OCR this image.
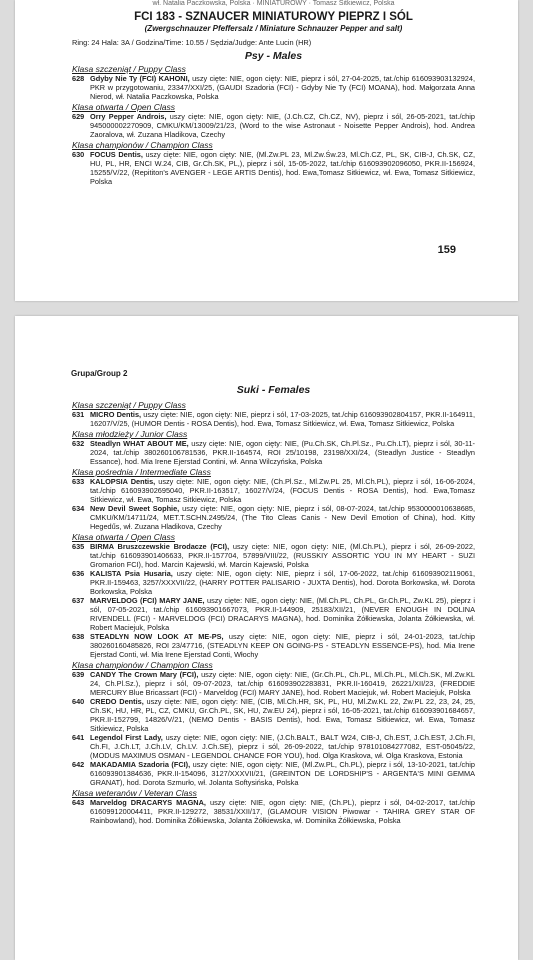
wł. Natalia Paczkowska, Polska · MINIATUROWY · Tomasz Sitkiewicz, Polska
FCI 183 - SZNAUCER MINIATUROWY PIEPRZ I SÓL
(Zwergschnauzer Pfeffersalz / Miniature Schnauzer Pepper and salt)
Ring: 24 Hala: 3A / Godzina/Time: 10.55 / Sędzia/Judge: Ante Lucin (HR)
Psy - Males
Klasa szczeniąt / Puppy Class
628 Gdyby Nie Ty (FCI) KAHONI, uszy cięte: NIE, ogon cięty: NIE, pieprz i sól, 27-04-2025, tat./chip 616093903132924, PKR w przygotowaniu, 23347/XXI/25, (GAUDI Szadoria (FCI) - Gdyby Nie Ty (FCI) MOANA), hod. Małgorzata Anna Nierod, wł. Natalia Paczkowska, Polska
Klasa otwarta / Open Class
629 Orry Pepper Androis, uszy cięte: NIE, ogon cięty: NIE, (J.Ch.CZ, Ch.CZ, NV), pieprz i sól, 26-05-2021, tat./chip 945000002270909, CMKU/KM/13009/21/23, (Word to the wise Astronaut - Noisette Pepper Androis), hod. Andrea Zaoralova, wł. Zuzana Hladikova, Czechy
Klasa championów / Champion Class
630 FOCUS Dentis, uszy cięte: NIE, ogon cięty: NIE, (Ml.Zw.PL 23, Ml.Zw.Św.23, Ml.Ch.CZ, PL, SK, CIB-J, Ch.SK, CZ, HU, PL, HR, ENCI W.24, CIB, Gr.Ch.SK, PL,), pieprz i sól, 15-05-2022, tat./chip 616093902096050, PKR.II-156924, 15255/V/22, (Repititon's AVENGER - LEGE ARTIS Dentis), hod. Ewa,Tomasz Sitkiewicz, wł. Ewa, Tomasz Sitkiewicz, Polska
159
Grupa/Group 2
Suki - Females
Klasa szczeniąt / Puppy Class
631 MICRO Dentis, uszy cięte: NIE, ogon cięty: NIE, pieprz i sól, 17-03-2025, tat./chip 616093902804157, PKR.II-164911, 16207/V/25, (HUMOR Dentis - ROSA Dentis), hod. Ewa, Tomasz Sitkiewicz, wł. Ewa, Tomasz Sitkiewicz, Polska
Klasa młodzieży / Junior Class
632 Steadlyn WHAT ABOUT ME, uszy cięte: NIE, ogon cięty: NIE, (Pu.Ch.SK, Ch.Pl.Sz., Pu.Ch.LT), pieprz i sól, 30-11-2024, tat./chip 380260106781536, PKR.II-164574, ROI 25/10198, 23198/XXI/24, (Steadlyn Justice - Steadlyn Essance), hod. Mia Irene Ejerstad Contini, wł. Anna Wilczyńska, Polska
Klasa pośrednia / Intermediate Class
633 KALOPSIA Dentis, uszy cięte: NIE, ogon cięty: NIE, (Ch.Pl.Sz., Ml.Zw.PL 25, Ml.Ch.PL), pieprz i sól, 16-06-2024, tat./chip 616093902695040, PKR.II-163517, 16027/V/24, (FOCUS Dentis - ROSA Dentis), hod. Ewa,Tomasz Sitkiewicz, wł. Ewa, Tomasz Sitkiewicz, Polska
634 New Devil Sweet Sophie, uszy cięte: NIE, ogon cięty: NIE, pieprz i sól, 08-07-2024, tat./chip 953000001063868​5, CMKU/KM/14711/24, MET.T.SCHN.2495/24, (The Tito Cleas Canis - New Devil Emotion of China), hod. Kitty Hegedűs, wł. Zuzana Hladikova, Czechy
Klasa otwarta / Open Class
635 BIRMA Bruszczewskie Brodacze (FCI), uszy cięte: NIE, ogon cięty: NIE, (Ml.Ch.PL), pieprz i sól, 26-09-2022, tat./chip 616093901406633, PKR.II-157704, 57899/VIII/22, (RUSSKIY ASSORTIC YOU IN MY HEART - SUZI Gromarion FCI), hod. Marcin Kajewski, wł. Marcin Kajewski, Polska
636 KALISTA Psia Husaria, uszy cięte: NIE, ogon cięty: NIE, pieprz i sól, 17-06-2022, tat./chip 616093902119061, PKR.II-159463, 3257/XXXVII/22, (HARRY POTTER PALISARIO - JUXTA Dentis), hod. Dorota Borkowska, wł. Dorota Borkowska, Polska
637 MARVELDOG (FCI) MARY JANE, uszy cięte: NIE, ogon cięty: NIE, (Ml.Ch.PL, Ch.PL, Gr.Ch.PL, Zw.KL 25), pieprz i sól, 07-05-2021, tat./chip 616093901667073, PKR.II-144909, 25183/XII/21, (NEVER ENOUGH IN DOLINA RIVENDELL (FCI) - MARVELDOG (FCI) DRACARYS MAGNA), hod. Dominika Żółkiewska, Jolanta Żółkiewska, wł. Robert Maciejuk, Polska
638 STEADLYN NOW LOOK AT ME-PS, uszy cięte: NIE, ogon cięty: NIE, pieprz i sól, 24-01-2023, tat./chip 380260160485826, ROI 23/47716, (STEADLYN KEEP ON GOING-PS - STEADLYN ESSENCE-PS), hod. Mia Irene Ejerstad Conti, wł. Mia Irene Ejerstad Conti, Włochy
Klasa championów / Champion Class
639 CANDY The Crown Mary (FCI), uszy cięte: NIE, ogon cięty: NIE, (Gr.Ch.PL, Ch.PL, Ml.Ch.PL, Ml.Ch.SK, Ml.Zw.KL 24, Ch.Pl.Sz.), pieprz i sól, 09-07-2023, tat./chip 616093902283831, PKR.II-160419, 26221/XII/23, (FREDDIE MERCURY Blue Bricassart (FCI) - Marveldog (FCI) MARY JANE), hod. Robert Maciejuk, wł. Robert Maciejuk, Polska
640 CREDO Dentis, uszy cięte: NIE, ogon cięty: NIE, (CIB, Ml.Ch.HR, SK, PL, HU, Ml.Zw.KL 22, Zw.PL 22, 23, 24, 25, Ch.SK, HU, HR, PL, CZ, CMKU, Gr.Ch.PL, SK, HU, Zw.EU 24), pieprz i sól, 16-05-2021, tat./chip 616093901684657, PKR.II-152799, 14826/V/21, (NEMO Dentis - BASIS Dentis), hod. Ewa, Tomasz Sitkiewicz, wł. Ewa, Tomasz Sitkiewicz, Polska
641 Legendol First Lady, uszy cięte: NIE, ogon cięty: NIE, (J.Ch.BALT., BALT W24, CIB-J, Ch.EST, J.Ch.EST, J.Ch.FI, Ch.FI, J.Ch.LT, J.Ch.LV, Ch.LV. J.Ch.SE), pieprz i sól, 26-09-2022, tat./chip 978101084277082, EST-05045/22, (MODUS MAXIMUS OSMAN - LEGENDOL CHANCE FOR YOU), hod. Olga Kraskova, wł. Olga Kraskova, Estonia
642 MAKADAMIA Szadoria (FCI), uszy cięte: NIE, ogon cięty: NIE, (Ml.Zw.PL, Ch.PL), pieprz i sól, 13-10-2021, tat./chip 616093901384636, PKR.II-154096, 3127/XXXVII/21, (GREINTON DE LORDSHIP'S - ARGENTA'S MINI GEMMA GRANAT), hod. Dorota Szmurło, wł. Jolanta Softysińska, Polska
Klasa weteranów / Veteran Class
643 Marveldog DRACARYS MAGNA, uszy cięte: NIE, ogon cięty: NIE, (Ch.PL), pieprz i sól, 04-02-2017, tat./chip 616099120004411, PKR.II-129272, 38531/XXII/17, (GLAMOUR VISION Piwowar - TAHIRA GREY STAR OF Rainbowland), hod. Dominika Żółkiewska, Jolanta Żółkiewska, wł. Dominika Żółkiewska, Polska
